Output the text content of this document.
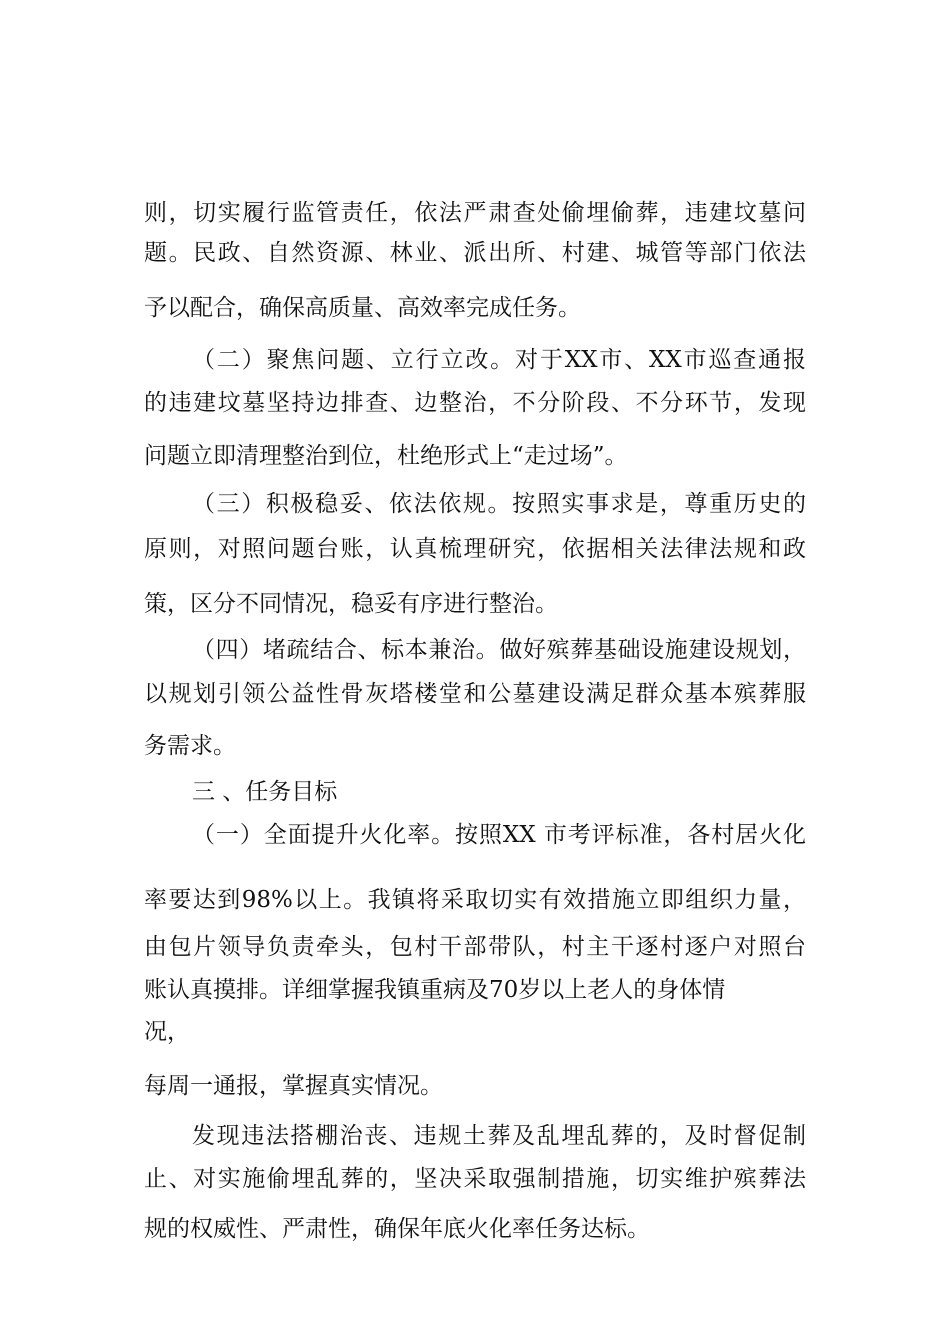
则，切实履行监管责任，依法严肃查处偷埋偷葬，违建坟墓问
题。民政、自然资源、林业、派出所、村建、城管等部门依法
予以配合，确保高质量、高效率完成任务。
（二）聚焦问题、立行立改。对于XX市、XX市巡查通报
的违建坟墓坚持边排查、边整治，不分阶段、不分环节，发现
问题立即清理整治到位，杜绝形式上“走过场”。
（三）积极稳妥、依法依规。按照实事求是，尊重历史的
原则，对照问题台账，认真梳理研究，依据相关法律法规和政
策，区分不同情况，稳妥有序进行整治。
（四）堵疏结合、标本兼治。做好殡葬基础设施建设规划，
以规划引领公益性骨灰塔楼堂和公墓建设满足群众基本殡葬服
务需求。
三 、任务目标
（一）全面提升火化率。按照XX 市考评标准，各村居火化
率要达到98%以上。我镇将采取切实有效措施立即组织力量，
由包片领导负责牵头，包村干部带队，村主干逐村逐户对照台
账认真摸排。详细掌握我镇重病及70岁以上老人的身体情
况，
每周一通报，掌握真实情况。
发现违法搭棚治丧、违规土葬及乱埋乱葬的，及时督促制
止、对实施偷埋乱葬的，坚决采取强制措施，切实维护殡葬法
规的权威性、严肃性，确保年底火化率任务达标。
